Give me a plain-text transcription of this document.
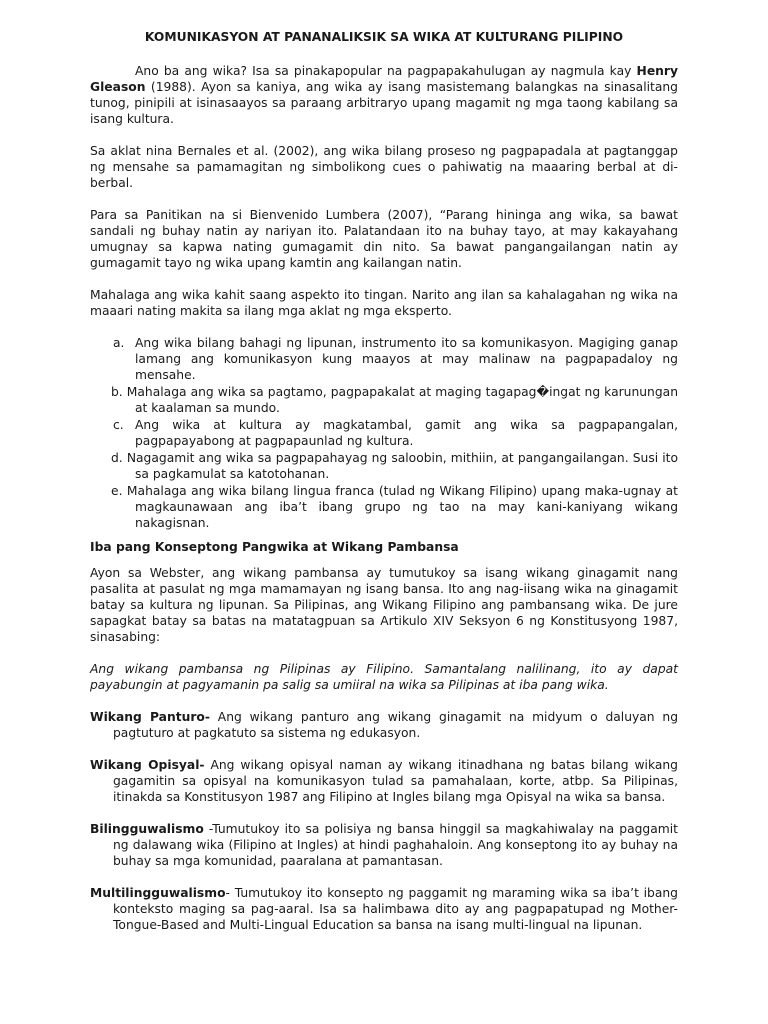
KOMUNIKASYON AT PANANALIKSIK SA WIKA AT KULTURANG PILIPINO

Ano ba ang wika? Isa sa pinakapopular na pagpapakahulugan ay nagmula kay Henry Gleason (1988). Ayon sa kaniya, ang wika ay isang masistemang balangkas na sinasalitang tunog, pinipili at isinasaayos sa paraang arbitraryo upang magamit ng mga taong kabilang sa isang kultura.

Sa aklat nina Bernales et al. (2002), ang wika bilang proseso ng pagpapadala at pagtanggap ng mensahe sa pamamagitan ng simbolikong cues o pahiwatig na maaaring berbal at di-berbal.

Para sa Panitikan na si Bienvenido Lumbera (2007), “Parang hininga ang wika, sa bawat sandali ng buhay natin ay nariyan ito. Palatandaan ito na buhay tayo, at may kakayahang umugnay sa kapwa nating gumagamit din nito. Sa bawat pangangailangan natin ay gumagamit tayo ng wika upang kamtin ang kailangan natin.

Mahalaga ang wika kahit saang aspekto ito tingan. Narito ang ilan sa kahalagahan ng wika na maaari nating makita sa ilang mga aklat ng mga eksperto.

a. Ang wika bilang bahagi ng lipunan, instrumento ito sa komunikasyon. Magiging ganap lamang ang komunikasyon kung maayos at may malinaw na pagpapadaloy ng mensahe.
b. Mahalaga ang wika sa pagtamo, pagpapakalat at maging tagapag�ingat ng karunungan at kaalaman sa mundo.
c. Ang wika at kultura ay magkatambal, gamit ang wika sa pagpapangalan, pagpapayabong at pagpapaunlad ng kultura.
d. Nagagamit ang wika sa pagpapahayag ng saloobin, mithiin, at pangangailangan. Susi ito sa pagkamulat sa katotohanan.
e. Mahalaga ang wika bilang lingua franca (tulad ng Wikang Filipino) upang maka-ugnay at magkaunawaan ang iba’t ibang grupo ng tao na may kani-kaniyang wikang nakagisnan.
Iba pang Konseptong Pangwika at Wikang Pambansa

Ayon sa Webster, ang wikang pambansa ay tumutukoy sa isang wikang ginagamit nang pasalita at pasulat ng mga mamamayan ng isang bansa. Ito ang nag-iisang wika na ginagamit batay sa kultura ng lipunan. Sa Pilipinas, ang Wikang Filipino ang pambansang wika. De jure sapagkat batay sa batas na matatagpuan sa Artikulo XIV Seksyon 6 ng Konstitusyong 1987, sinasabing:

Ang wikang pambansa ng Pilipinas ay Filipino. Samantalang nalilinang, ito ay dapat payabungin at pagyamanin pa salig sa umiiral na wika sa Pilipinas at iba pang wika.

Wikang Panturo- Ang wikang panturo ang wikang ginagamit na midyum o daluyan ng pagtuturo at pagkatuto sa sistema ng edukasyon.

Wikang Opisyal- Ang wikang opisyal naman ay wikang itinadhana ng batas bilang wikang gagamitin sa opisyal na komunikasyon tulad sa pamahalaan, korte, atbp. Sa Pilipinas, itinakda sa Konstitusyon 1987 ang Filipino at Ingles bilang mga Opisyal na wika sa bansa.

Bilingguwalismo -Tumutukoy ito sa polisiya ng bansa hinggil sa magkahiwalay na paggamit ng dalawang wika (Filipino at Ingles) at hindi paghahaloin. Ang konseptong ito ay buhay na buhay sa mga komunidad, paaralana at pamantasan.

Multilingguwalismo- Tumutukoy ito konsepto ng paggamit ng maraming wika sa iba’t ibang konteksto maging sa pag-aaral. Isa sa halimbawa dito ay ang pagpapatupad ng Mother-Tongue-Based and Multi-Lingual Education sa bansa na isang multi-lingual na lipunan.
